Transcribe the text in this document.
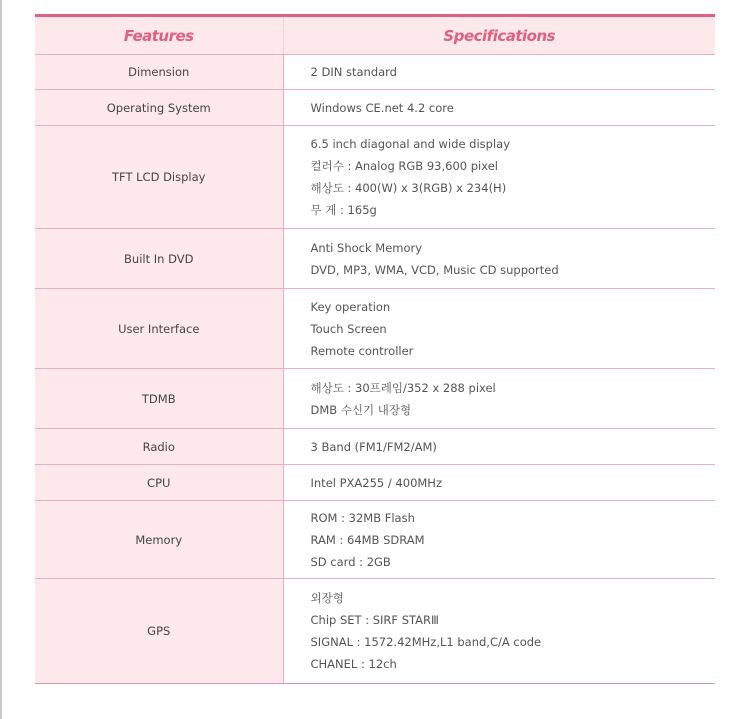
Features	Specifications
Dimension	2 DIN standard

Operating System	Windows CE.net 4.2 core

TFT LCD Display	6.5 inch diagonal and wide display
컬러수 : Analog RGB 93,600 pixel
해상도 : 400(W) x 3(RGB) x 234(H)
무 게 : 165g

Built In DVD	Anti Shock Memory
DVD, MP3, WMA, VCD, Music CD supported

User Interface	Key operation
Touch Screen
Remote controller

TDMB	해상도 : 30프레임/352 x 288 pixel
DMB 수신기 내장형

Radio	3 Band (FM1/FM2/AM)

CPU	Intel PXA255 / 400MHz

Memory	ROM : 32MB Flash
RAM : 64MB SDRAM
SD card : 2GB

GPS	외장형
Chip SET : SIRF STARⅢ
SIGNAL : 1572.42MHz,L1 band,C/A code
CHANEL : 12ch
